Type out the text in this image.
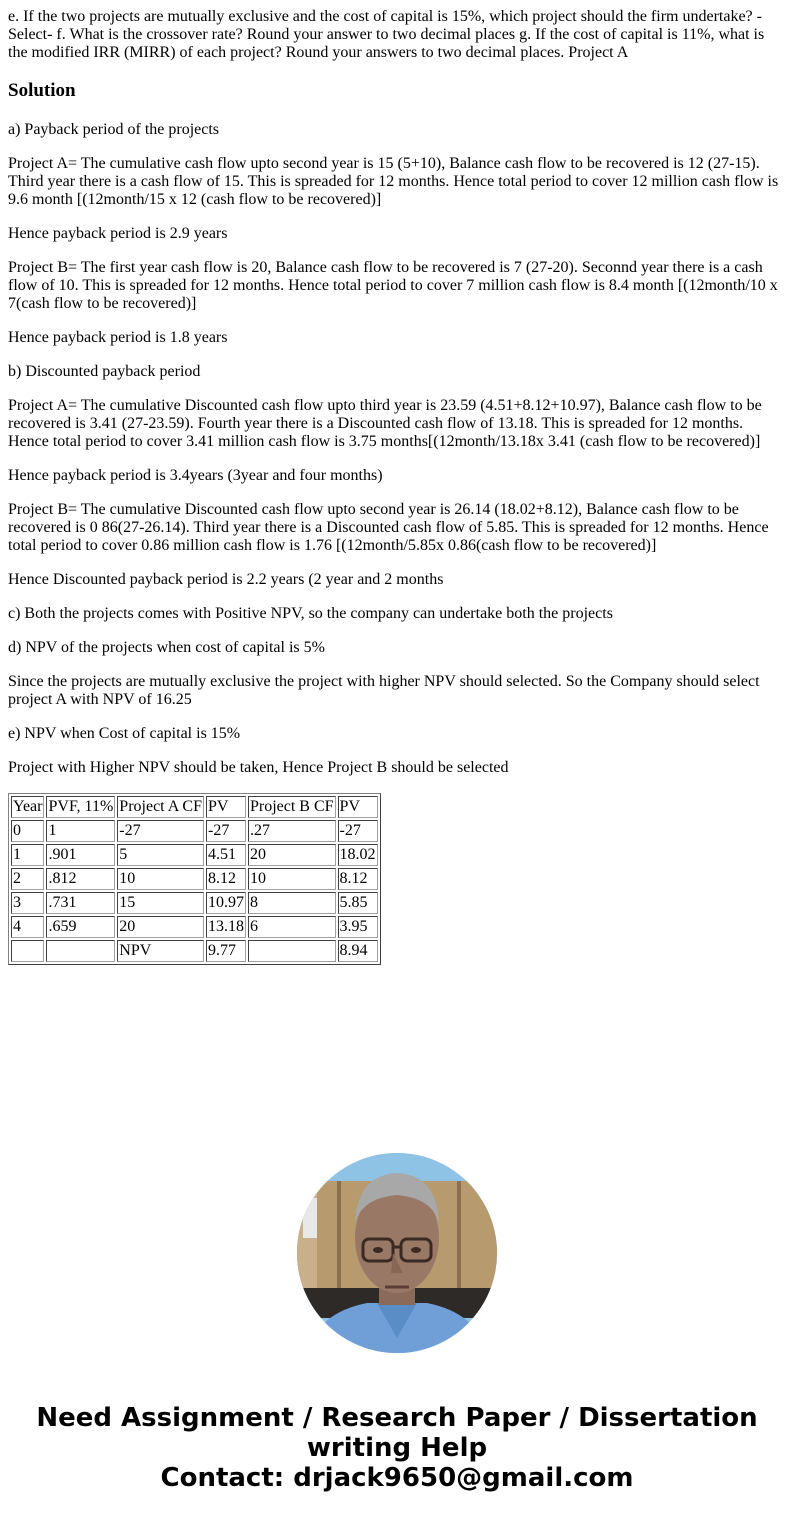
e. If the two projects are mutually exclusive and the cost of capital is 15%, which project should the firm undertake? -Select- f. What is the crossover rate? Round your answer to two decimal places g. If the cost of capital is 11%, what is the modified IRR (MIRR) of each project? Round your answers to two decimal places. Project A

Solution

a) Payback period of the projects

Project A= The cumulative cash flow upto second year is 15 (5+10), Balance cash flow to be recovered is 12 (27-15). Third year there is a cash flow of 15. This is spreaded for 12 months. Hence total period to cover 12 million cash flow is 9.6 month [(12month/15 x 12 (cash flow to be recovered)]

Hence payback period is 2.9 years

Project B= The first year cash flow is 20, Balance cash flow to be recovered is 7 (27-20). Seconnd year there is a cash flow of 10. This is spreaded for 12 months. Hence total period to cover 7 million cash flow is 8.4 month [(12month/10 x 7(cash flow to be recovered)]

Hence payback period is 1.8 years

b) Discounted payback period

Project A= The cumulative Discounted cash flow upto third year is 23.59 (4.51+8.12+10.97), Balance cash flow to be recovered is 3.41 (27-23.59). Fourth year there is a Discounted cash flow of 13.18. This is spreaded for 12 months. Hence total period to cover 3.41 million cash flow is 3.75 months[(12month/13.18x 3.41 (cash flow to be recovered)]

Hence payback period is 3.4years (3year and four months)

Project B= The cumulative Discounted cash flow upto second year is 26.14 (18.02+8.12), Balance cash flow to be recovered is 0 86(27-26.14). Third year there is a Discounted cash flow of 5.85. This is spreaded for 12 months. Hence total period to cover 0.86 million cash flow is 1.76 [(12month/5.85x 0.86(cash flow to be recovered)]

Hence Discounted payback period is 2.2 years (2 year and 2 months

c) Both the projects comes with Positive NPV, so the company can undertake both the projects

d) NPV of the projects when cost of capital is 5%

Since the projects are mutually exclusive the project with higher NPV should selected. So the Company should select project A with NPV of 16.25

e) NPV when Cost of capital is 15%

Project with Higher NPV should be taken, Hence Project B should be selected

Year	PVF, 11%	Project A CF	PV	Project B CF	PV
0	1	-27	-27	.27	-27
1	.901	5	4.51	20	18.02
2	.812	10	8.12	10	8.12
3	.731	15	10.97	8	5.85
4	.659	20	13.18	6	3.95
		NPV	9.77		8.94
Need Assignment / Research Paper / Dissertation
writing Help
Contact: drjack9650@gmail.com
